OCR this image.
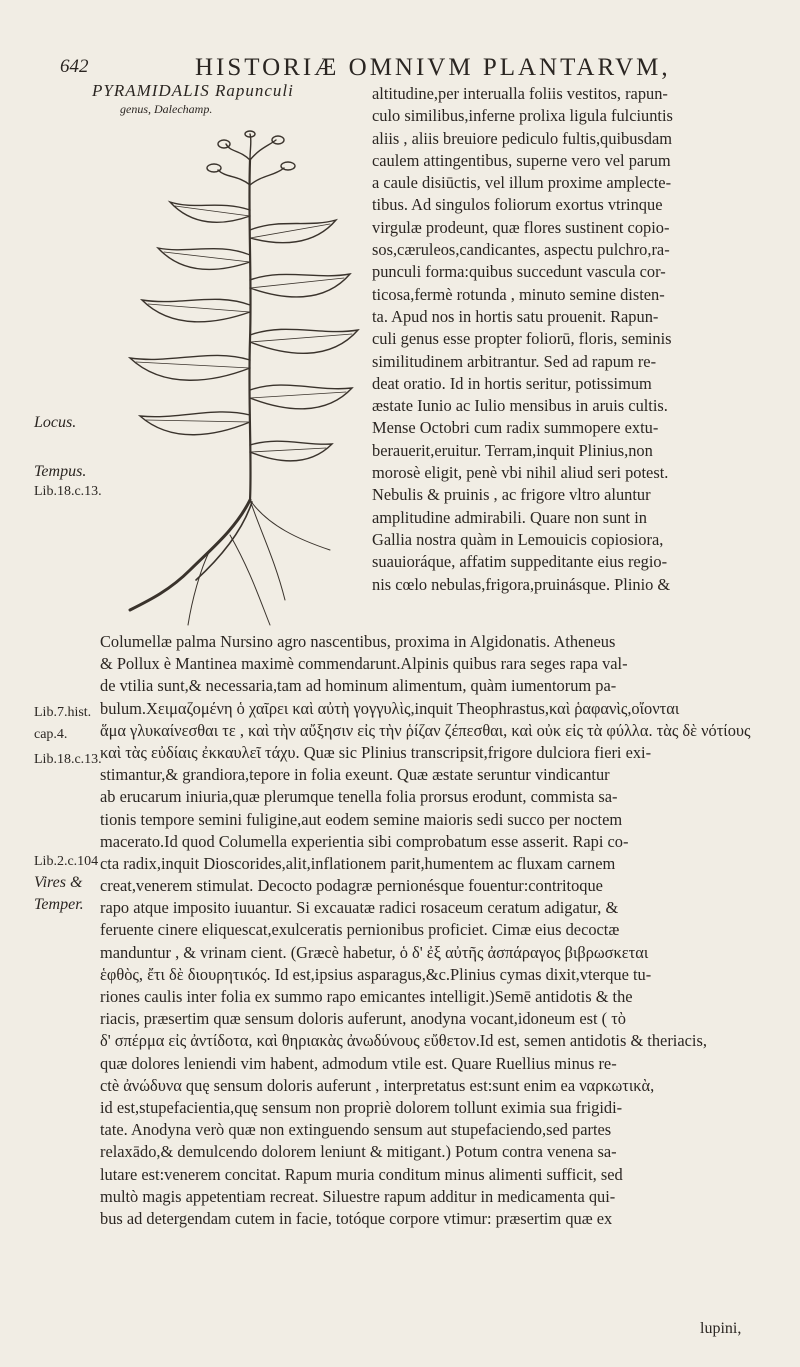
642	HISTORIÆ OMNIVM PLANTARVM,
PYRAMIDALIS Rapunculi
genus, Dalechamp.
Locus.
Tempus.
Lib.18.c.13.
Lib.7.hist.
cap.4.
Lib.18.c.13.
Lib.2.c.104
Vires &
Temper.
altitudine,per interualla foliis vestitos, rapun-
culo similibus,inferne prolixa ligula fulciuntis
aliis , aliis breuiore pediculo fultis,quibusdam
caulem attingentibus, superne vero vel parum
a caule disiūctis, vel illum proxime amplecte-
tibus. Ad singulos foliorum exortus vtrinque
virgulæ prodeunt, quæ flores sustinent copio-
sos,cæruleos,candicantes, aspectu pulchro,ra-
punculi forma:quibus succedunt vascula cor-
ticosa,fermè rotunda , minuto semine disten-
ta. Apud nos in hortis satu prouenit. Rapun-
culi genus esse propter foliorū, floris, seminis
similitudinem arbitrantur. Sed ad rapum re-
deat oratio. Id in hortis seritur, potissimum
æstate Iunio ac Iulio mensibus in aruis cultis.
Mense Octobri cum radix summopere extu-
berauerit,eruitur. Terram,inquit Plinius,non
morosè eligit, penè vbi nihil aliud seri potest.
Nebulis & pruinis , ac frigore vltro aluntur
amplitudine admirabili. Quare non sunt in
Gallia nostra quàm in Lemouicis copiosiora,
suauioráque, affatim suppeditante eius regio-
nis cœlo nebulas,frigora,pruinásque. Plinio &
Columellæ palma Nursino agro nascentibus, proxima in Algidonatis. Atheneus
& Pollux è Mantinea maximè commendarunt.Alpinis quibus rara seges rapa val-
de vtilia sunt,& necessaria,tam ad hominum alimentum, quàm iumentorum pa-
bulum.Χειμαζομένη ὁ χαῖρει καὶ αὐτὴ γογγυλὶς,inquit Theophrastus,καὶ ῥαφανὶς,οἴονται
ἅμα γλυκαίνεσθαι τε , καὶ τὴν αὔξησιν εἰς τὴν ῥίζαν ζέπεσθαι, καὶ οὐκ εἰς τὰ φύλλα. τὰς δὲ νότίους
καὶ τὰς εὐδίαις ἐκκαυλεῖ τάχυ. Quæ sic Plinius transcripsit,frigore dulciora fieri exi-
stimantur,& grandiora,tepore in folia exeunt. Quæ æstate seruntur vindicantur
ab erucarum iniuria,quæ plerumque tenella folia prorsus erodunt, commista sa-
tionis tempore semini fuligine,aut eodem semine maioris sedi succo per noctem
macerato.Id quod Columella experientia sibi comprobatum esse asserit. Rapi co-
cta radix,inquit Dioscorides,alit,inflationem parit,humentem ac fluxam carnem
creat,venerem stimulat. Decocto podagræ pernionésque fouentur:contritoque
rapo atque imposito iuuantur. Si excauatæ radici rosaceum ceratum adigatur, &
feruente cinere eliquescat,exulceratis pernionibus proficiet. Cimæ eius decoctæ
manduntur , & vrinam cient. (Græcè habetur, ὁ δ' ἐξ αὐτῆς ἀσπάραγος βιβρωσκεται
ἑφθὸς, ἔτι δὲ διουρητικός. Id est,ipsius asparagus,&c.Plinius cymas dixit,vterque tu-
riones caulis inter folia ex summo rapo emicantes intelligit.)Semē antidotis & the
riacis, præsertim quæ sensum doloris auferunt, anodyna vocant,idoneum est ( τὸ
δ' σπέρμα εἰς ἀντίδοτα, καὶ θηριακὰς ἀνωδύνους εὔθετον.Id est, semen antidotis & theriacis,
quæ dolores leniendi vim habent, admodum vtile est. Quare Ruellius minus re-
ctè ἀνώδυνα quę sensum doloris auferunt , interpretatus est:sunt enim ea ναρκωτικὰ,
id est,stupefacientia,quę sensum non propriè dolorem tollunt eximia sua frigidi-
tate. Anodyna verò quæ non extinguendo sensum aut stupefaciendo,sed partes
relaxādo,& demulcendo dolorem leniunt & mitigant.) Potum contra venena sa-
lutare est:venerem concitat. Rapum muria conditum minus alimenti sufficit, sed
multò magis appetentiam recreat. Siluestre rapum additur in medicamenta qui-
bus ad detergendam cutem in facie, totóque corpore vtimur: præsertim quæ ex
lupini,
